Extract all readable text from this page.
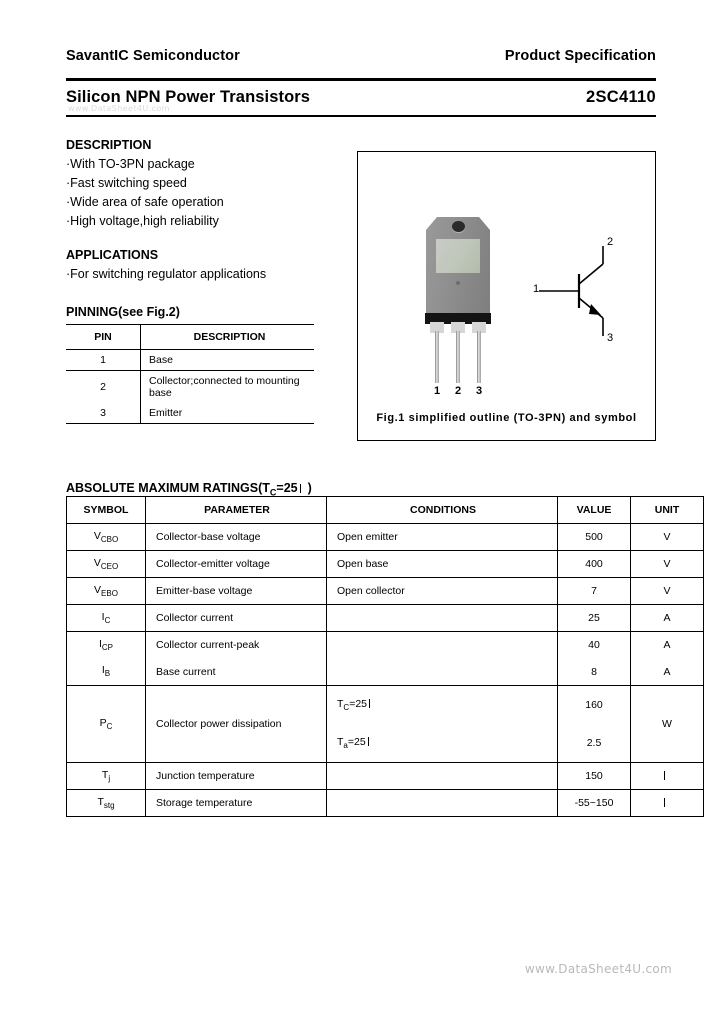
SavantIC Semiconductor	Product Specification
Silicon NPN Power Transistors	2SC4110
www.DataSheet4U.com
DESCRIPTION
·With TO-3PN package
·Fast switching speed
·Wide area of safe operation
·High voltage,high reliability
APPLICATIONS
·For switching regulator applications
PINNING(see Fig.2)
PIN	DESCRIPTION
1	Base
2	Collector;connected to mounting base
3	Emitter
1	2	3
1
2
3
Fig.1 simplified outline (TO-3PN) and symbol
ABSOLUTE MAXIMUM $RATINGS(T_C=25$ )
SYMBOL	PARAMETER	CONDITIONS	VALUE	UNIT
$V_{CBO}$	Collector-base voltage	Open emitter	500	V
$V_{CEO}$	Collector-emitter voltage	Open base	400	V
$V_{EBO}$	Emitter-base voltage	Open collector	7	V
$I_C$	Collector current		25	A
$I_{CP}$	Collector current-peak		40	A
$I_B$	Base current		8	A
$P_C$	Collector power dissipation	$T_C=25$	160	W
		$T_a=25$	2.5	
$T_j$	Junction temperature		150	
$T_{stg}$	Storage temperature		-55~150	
www.DataSheet4U.com
